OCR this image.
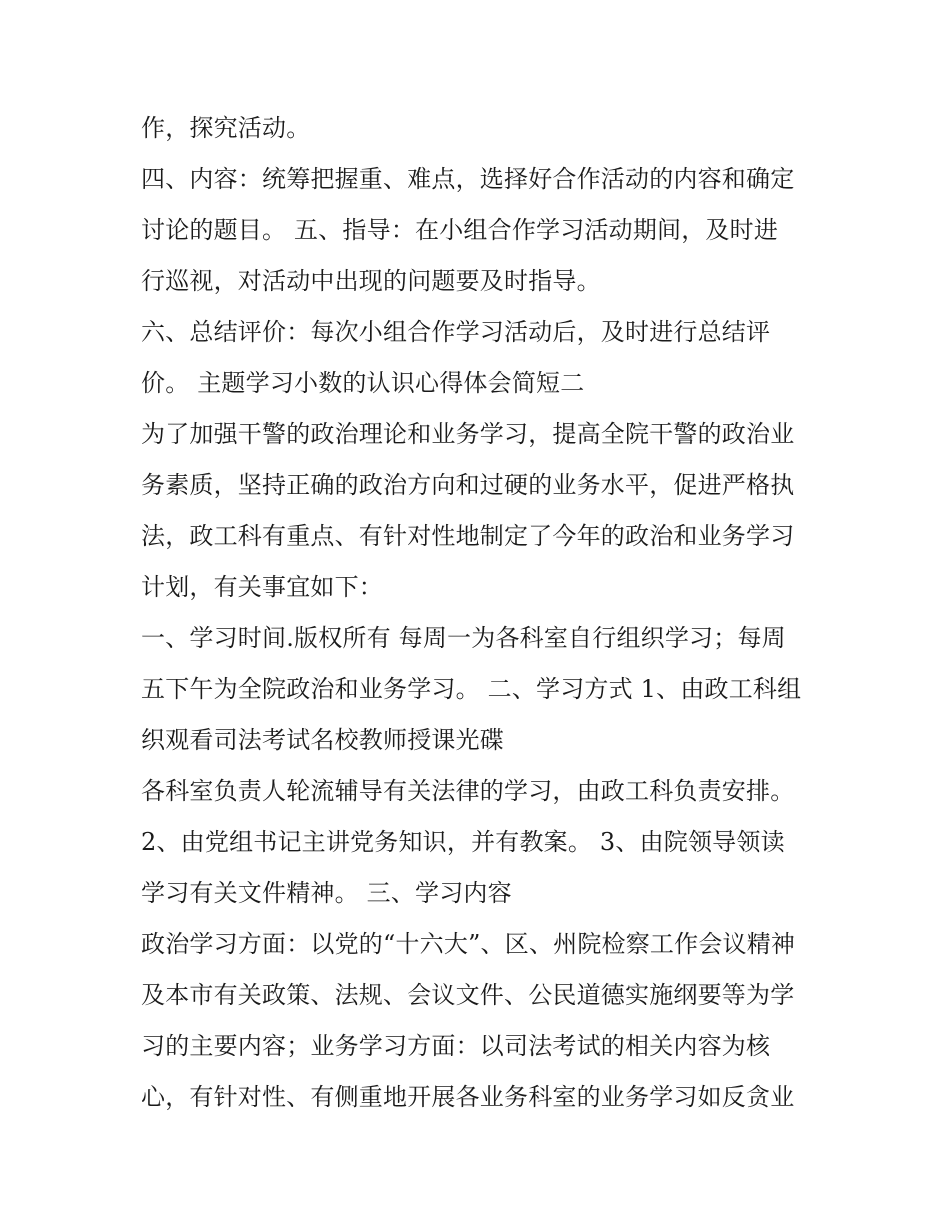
作，探究活动。
四、内容：统筹把握重、难点，选择好合作活动的内容和确定
讨论的题目。 五、指导：在小组合作学习活动期间，及时进
行巡视，对活动中出现的问题要及时指导。
六、总结评价：每次小组合作学习活动后，及时进行总结评
价。 主题学习小数的认识心得体会简短二
为了加强干警的政治理论和业务学习，提高全院干警的政治业
务素质，坚持正确的政治方向和过硬的业务水平，促进严格执
法，政工科有重点、有针对性地制定了今年的政治和业务学习
计划，有关事宜如下：
一、学习时间.版权所有 每周一为各科室自行组织学习；每周
五下午为全院政治和业务学习。 二、学习方式 1、由政工科组
织观看司法考试名校教师授课光碟
各科室负责人轮流辅导有关法律的学习，由政工科负责安排。
2、由党组书记主讲党务知识，并有教案。 3、由院领导领读
学习有关文件精神。 三、学习内容
政治学习方面：以党的“十六大”、区、州院检察工作会议精神
及本市有关政策、法规、会议文件、公民道德实施纲要等为学
习的主要内容；业务学习方面：以司法考试的相关内容为核
心，有针对性、有侧重地开展各业务科室的业务学习如反贪业
